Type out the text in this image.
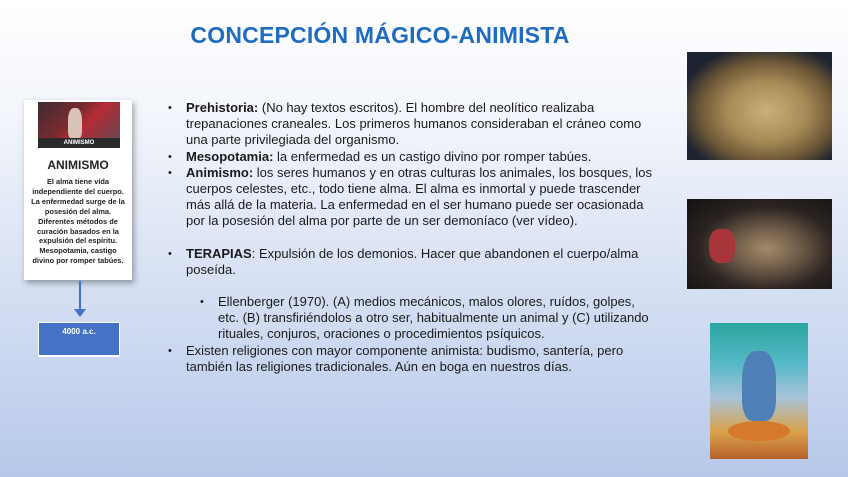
CONCEPCIÓN MÁGICO-ANIMISTA
ANIMISMO
ANIMISMO
El alma tiene vida independiente del cuerpo. La enfermedad surge de la posesión del alma. Diferentes métodos de curación basados en la expulsión del espíritu. Mesopotamia, castigo divino por romper tabúes.
4000 a.c.
• Prehistoria: (No hay textos escritos). El hombre del neolítico realizaba trepanaciones craneales. Los primeros humanos consideraban el cráneo como una parte privilegiada del organismo.
• Mesopotamia: la enfermedad es un castigo divino por romper tabúes.
• Animismo: los seres humanos y en otras culturas los animales, los bosques, los cuerpos celestes, etc., todo tiene alma. El alma es inmortal y puede trascender más allá de la materia. La enfermedad en el ser humano puede ser ocasionada por la posesión del alma por parte de un ser demoníaco (ver vídeo).
• TERAPIAS: Expulsión de los demonios. Hacer que abandonen el cuerpo/alma poseída.
• Ellenberger (1970). (A) medios mecánicos, malos olores, ruídos, golpes, etc. (B) transfiriéndolos a otro ser, habitualmente un animal y (C) utilizando rituales, conjuros, oraciones o procedimientos psíquicos.
• Existen religiones con mayor componente animista: budismo, santería, pero también las religiones tradicionales. Aún en boga en nuestros días.
